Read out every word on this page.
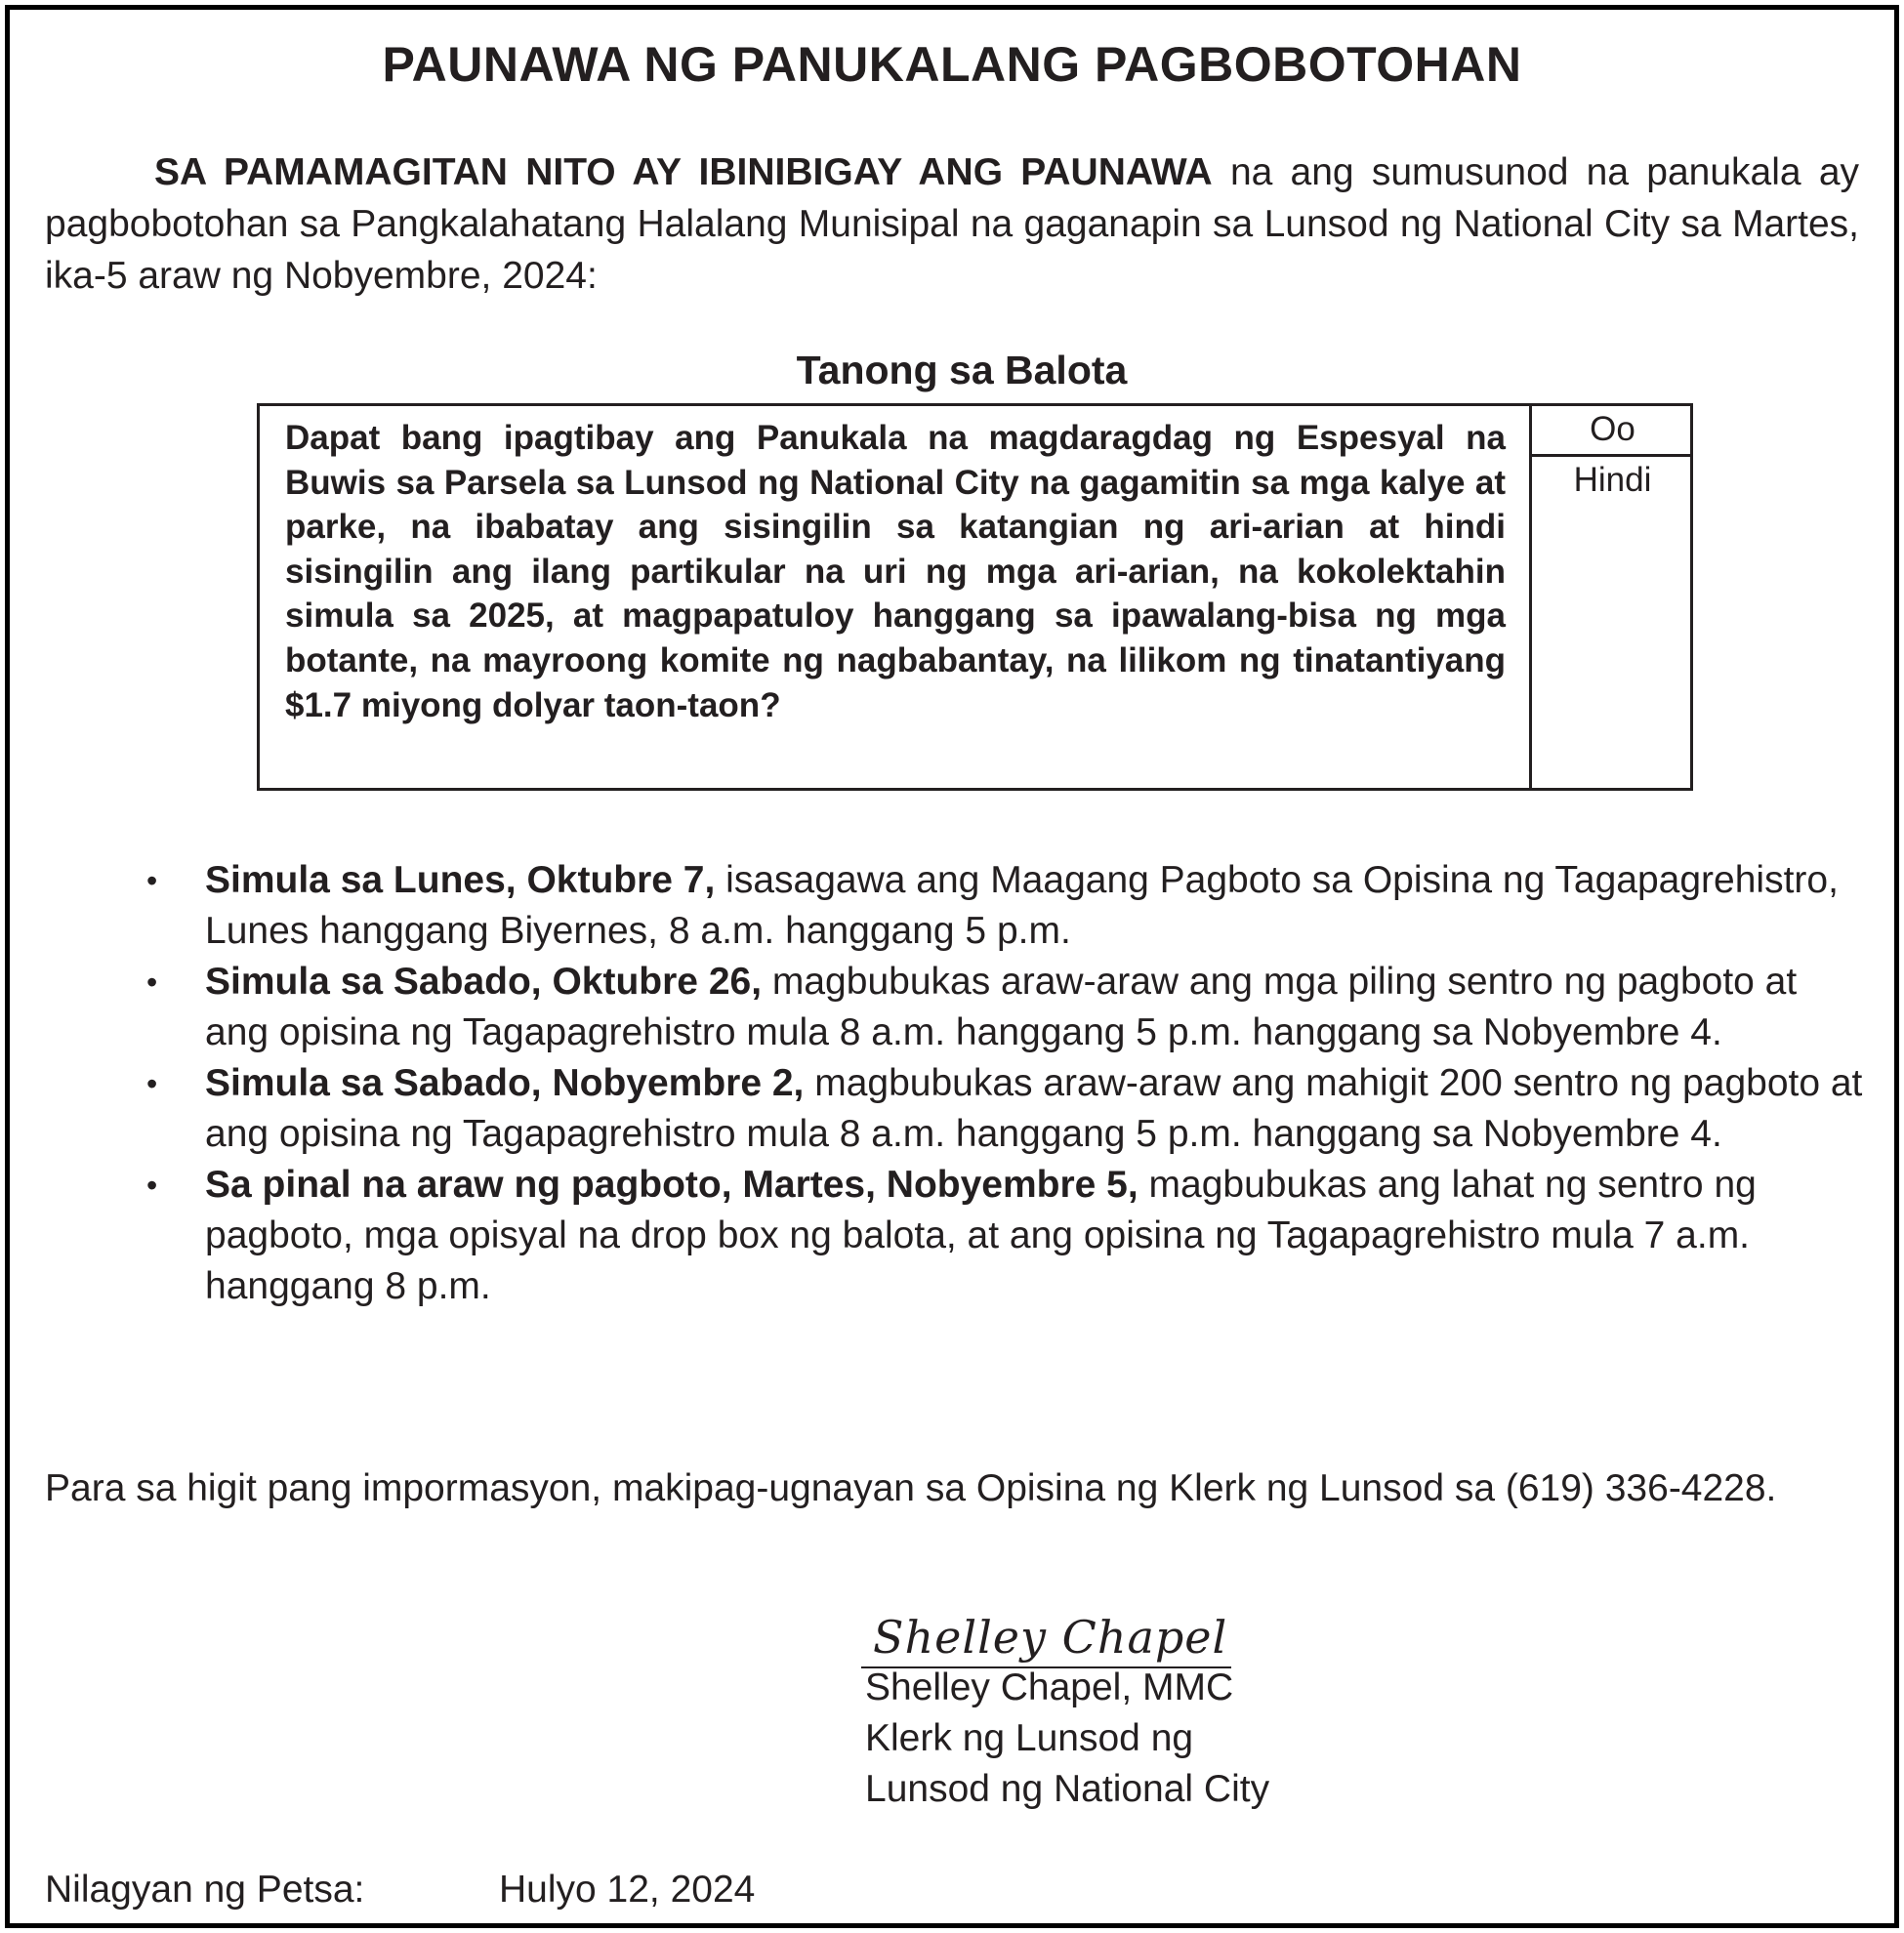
PAUNAWA NG PANUKALANG PAGBOBOTOHAN

SA PAMAMAGITAN NITO AY IBINIBIGAY ANG PAUNAWA na ang sumusunod na panukala ay pagbobotohan sa Pangkalahatang Halalang Munisipal na gaganapin sa Lunsod ng National City sa Martes, ika-5 araw ng Nobyembre, 2024:

Tanong sa Balota
Dapat bang ipagtibay ang Panukala na magdaragdag ng Espesyal na Buwis sa Parsela sa Lunsod ng National City na gagamitin sa mga kalye at parke, na ibabatay ang sisingilin sa katangian ng ari-arian at hindi sisingilin ang ilang partikular na uri ng mga ari-arian, na kokolektahin simula sa 2025, at magpapatuloy hanggang sa ipawalang-bisa ng mga botante, na mayroong komite ng nagbabantay, na lilikom ng tinatantiyang $1.7 miyong dolyar taon-taon?
Oo
Hindi
• Simula sa Lunes, Oktubre 7, isasagawa ang Maagang Pagboto sa Opisina ng Tagapagrehistro, Lunes hanggang Biyernes, 8 a.m. hanggang 5 p.m.
• Simula sa Sabado, Oktubre 26, magbubukas araw-araw ang mga piling sentro ng pagboto at ang opisina ng Tagapagrehistro mula 8 a.m. hanggang 5 p.m. hanggang sa Nobyembre 4.
• Simula sa Sabado, Nobyembre 2, magbubukas araw-araw ang mahigit 200 sentro ng pagboto at ang opisina ng Tagapagrehistro mula 8 a.m. hanggang 5 p.m. hanggang sa Nobyembre 4.
• Sa pinal na araw ng pagboto, Martes, Nobyembre 5, magbubukas ang lahat ng sentro ng pagboto, mga opisyal na drop box ng balota, at ang opisina ng Tagapagrehistro mula 7 a.m. hanggang 8 p.m.

Para sa higit pang impormasyon, makipag-ugnayan sa Opisina ng Klerk ng Lunsod sa (619) 336-4228.

Shelley Chapel
Shelley Chapel, MMC
Klerk ng Lunsod ng
Lunsod ng National City
Nilagyan ng Petsa:	Hulyo 12, 2024
